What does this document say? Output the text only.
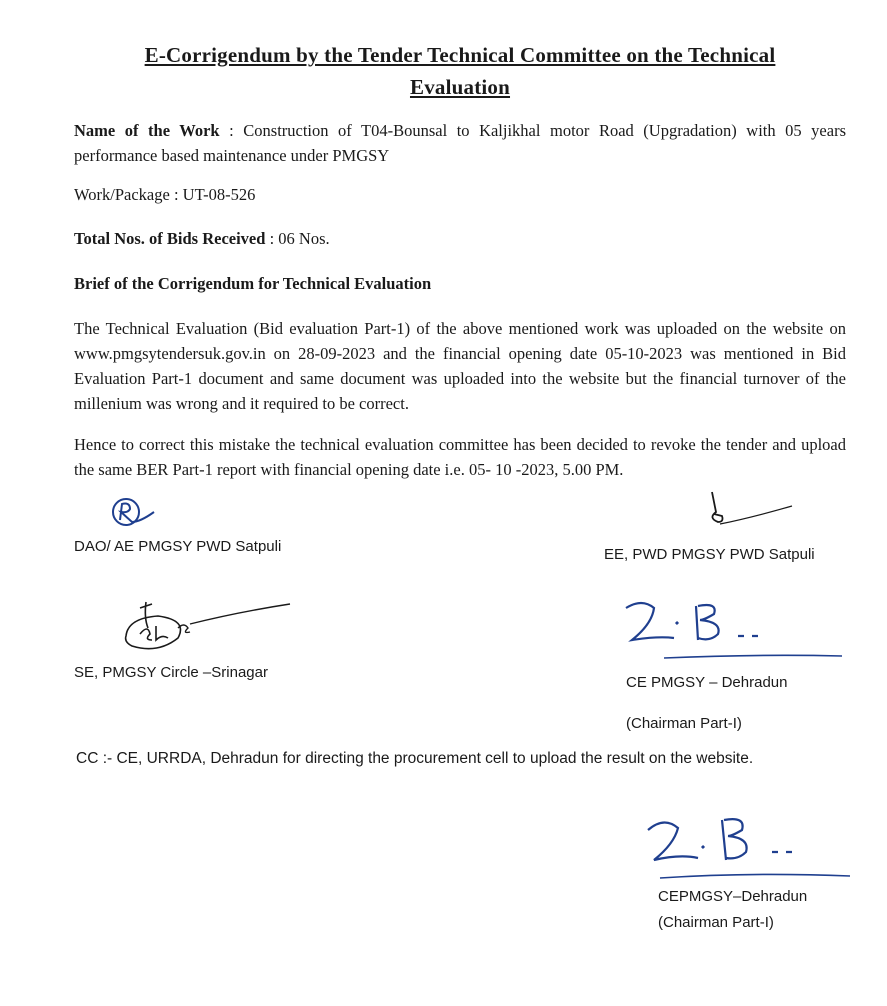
E-Corrigendum by the Tender Technical Committee on the Technical
Evaluation
Name of the Work : Construction of T04-Bounsal to Kaljikhal motor Road (Upgradation) with 05 years performance based maintenance under PMGSY
Work/Package : UT-08-526
Total Nos. of Bids Received : 06 Nos.
Brief of the Corrigendum for Technical Evaluation
The Technical Evaluation (Bid evaluation Part-1) of the above mentioned work was uploaded on the website on www.pmgsytendersuk.gov.in on 28-09-2023 and the financial opening date 05-10-2023 was mentioned in Bid Evaluation Part-1 document and same document was uploaded into the website but the financial turnover of the millenium was wrong and it required to be correct.
Hence to correct this mistake the technical evaluation committee has been decided to revoke the tender and upload the same BER Part-1 report with financial opening date i.e. 05- 10 -2023, 5.00 PM.
DAO/ AE PMGSY PWD Satpuli	EE, PWD PMGSY PWD Satpuli
SE, PMGSY Circle –Srinagar
CE PMGSY – Dehradun
(Chairman Part-I)
CC :- CE, URRDA, Dehradun for directing the procurement cell to upload the result on the website.
CEPMGSY–Dehradun
(Chairman Part-I)
